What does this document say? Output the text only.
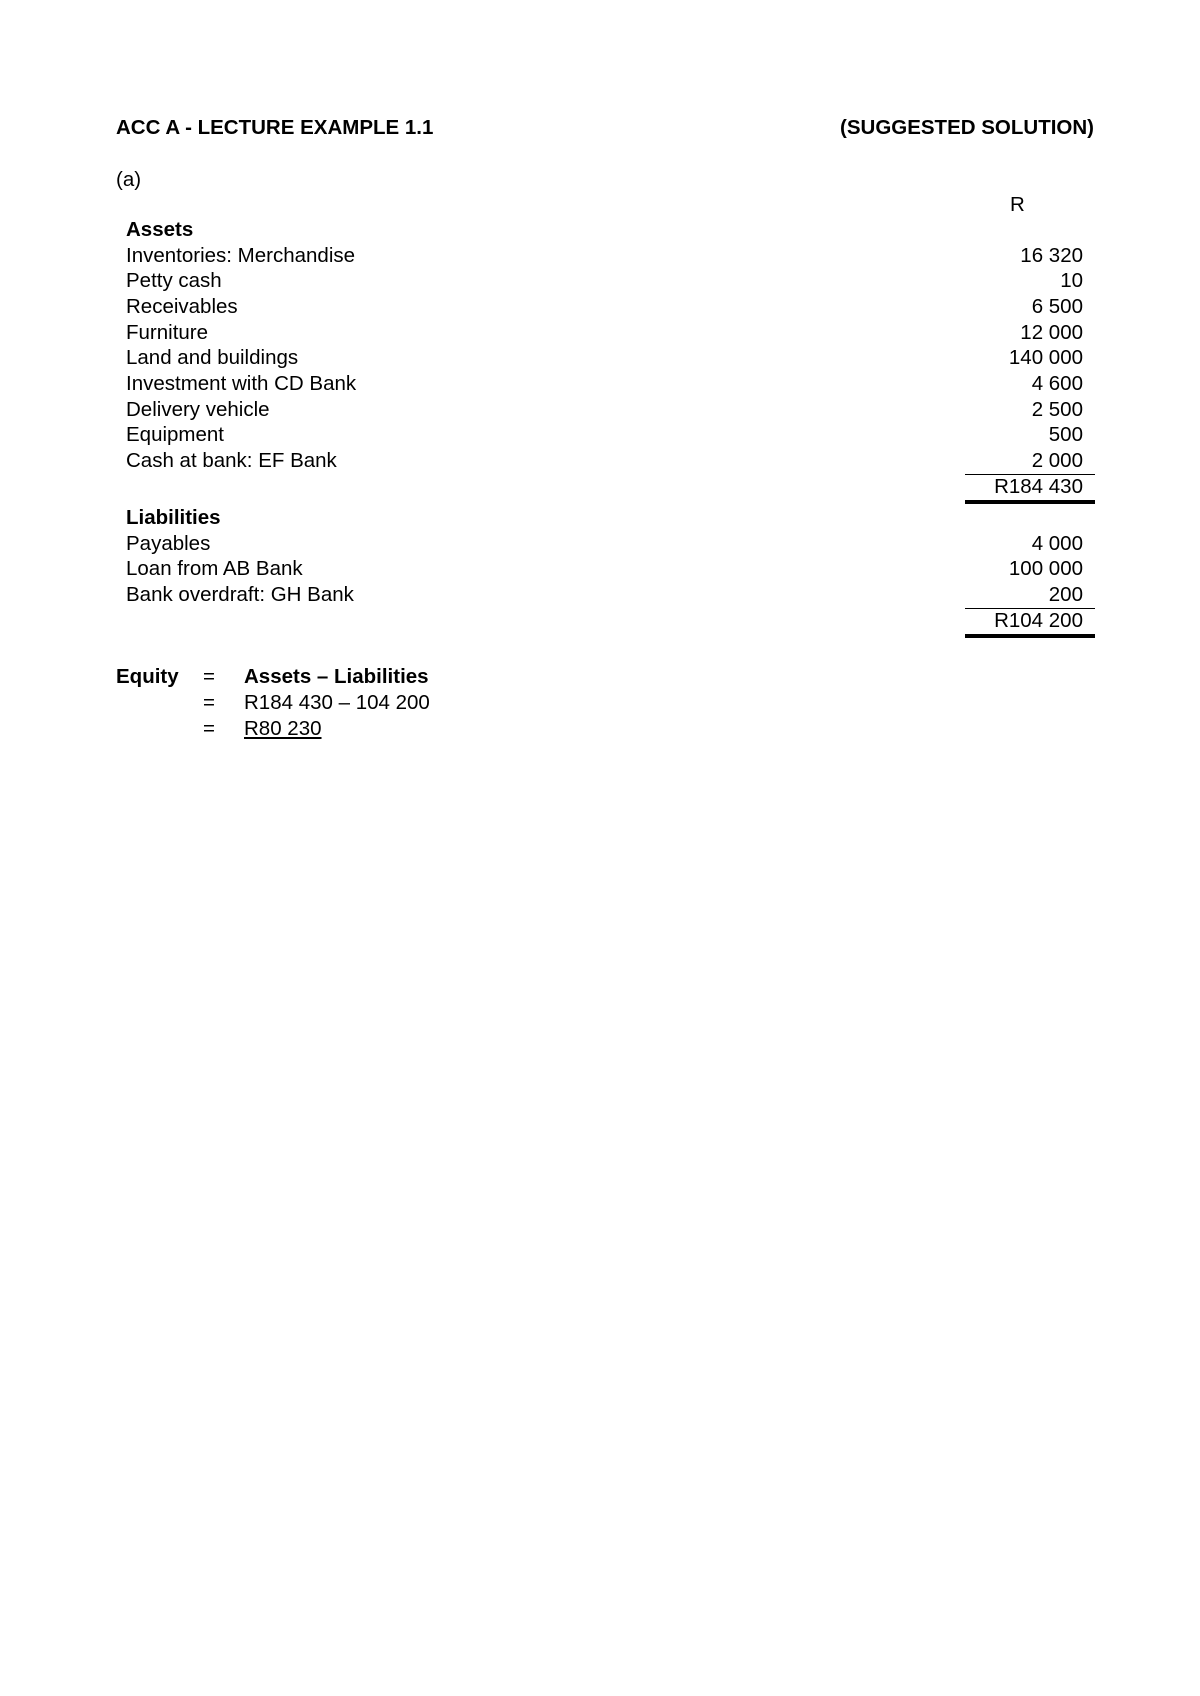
ACC A - LECTURE EXAMPLE 1.1	(SUGGESTED SOLUTION)
(a)
R
Assets
Inventories: Merchandise	16 320
Petty cash	10
Receivables	6 500
Furniture	12 000
Land and buildings	140 000
Investment with CD Bank	4 600
Delivery vehicle	2 500
Equipment	500
Cash at bank: EF Bank	2 000
R184 430
Liabilities
Payables	4 000
Loan from AB Bank	100 000
Bank overdraft: GH Bank	200
R104 200
Equity = Assets – Liabilities
= R184 430 – 104 200
= R80 230
